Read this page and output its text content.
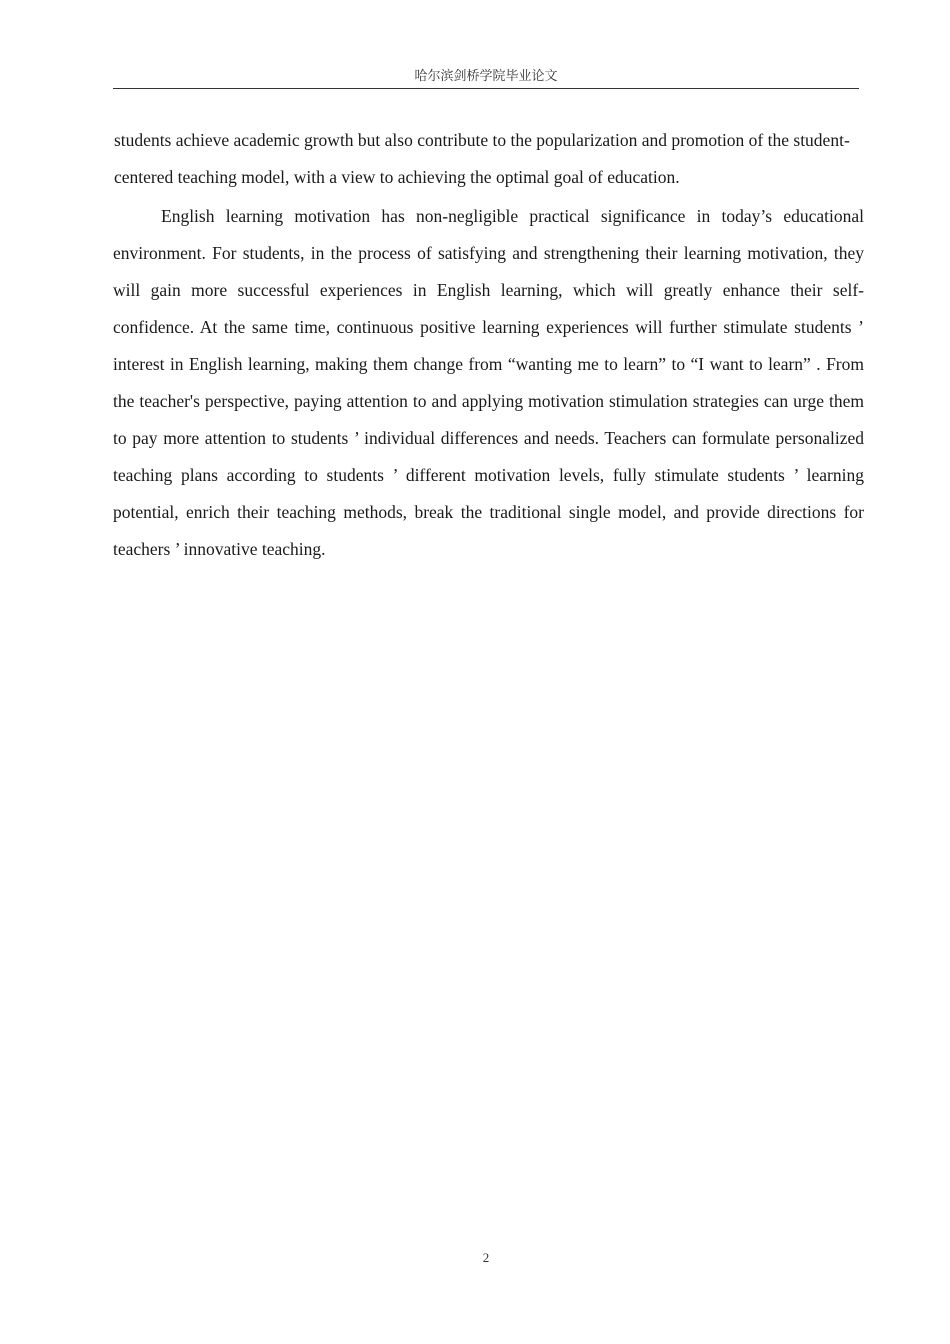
哈尔滨剑桥学院毕业论文

students achieve academic growth but also contribute to the popularization and promotion of the student-centered teaching model, with a view to achieving the optimal goal of education.

English learning motivation has non-negligible practical significance in today’s educational environment. For students, in the process of satisfying and strengthening their learning motivation, they will gain more successful experiences in English learning, which will greatly enhance their self-confidence. At the same time, continuous positive learning experiences will further stimulate students ’ interest in English learning, making them change from “wanting me to learn” to “I want to learn” . From the teacher's perspective, paying attention to and applying motivation stimulation strategies can urge them to pay more attention to students ’ individual differences and needs. Teachers can formulate personalized teaching plans according to students ’ different motivation levels, fully stimulate students ’ learning potential, enrich their teaching methods, break the traditional single model, and provide directions for teachers ’ innovative teaching.

2
